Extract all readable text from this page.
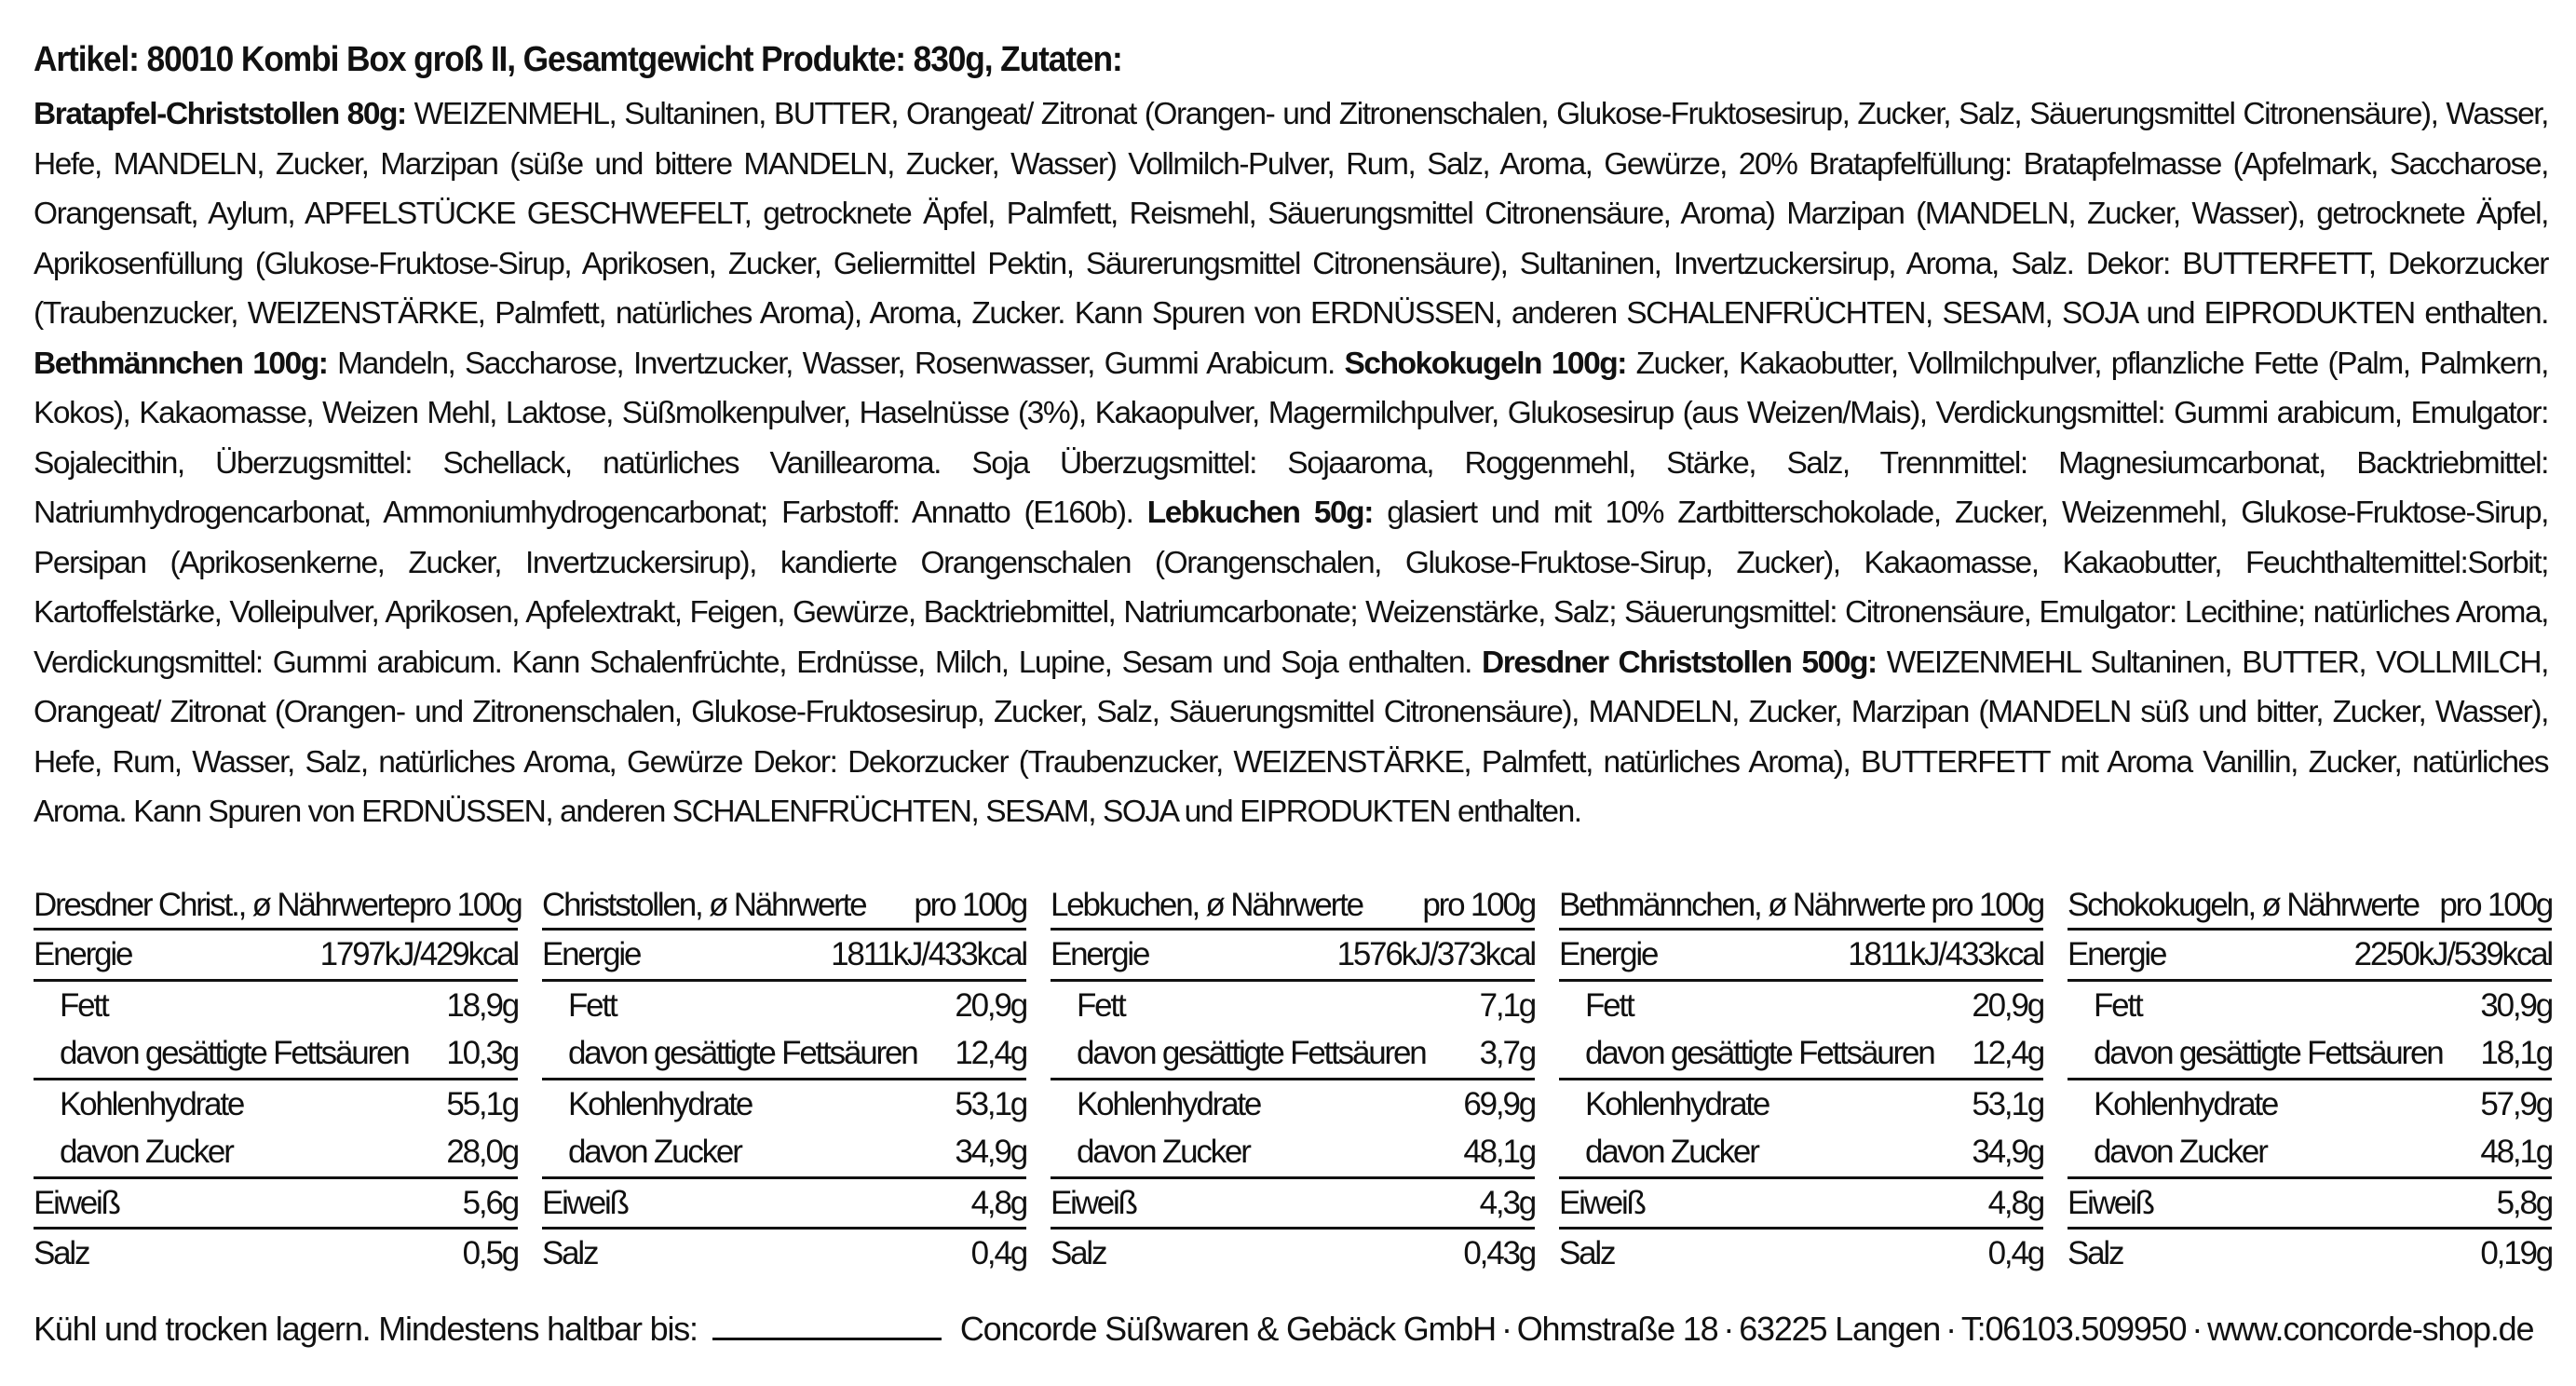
Artikel: 80010 Kombi Box groß II, Gesamtgewicht Produkte: 830g, Zutaten:
Bratapfel-Christstollen 80g: WEIZENMEHL, Sultaninen, BUTTER, Orangeat/ Zitronat (Orangen- und Zitronenschalen, Glukose-Fruktosesirup, Zucker, Salz, Säuerungsmittel Citronensäure), Wasser, Hefe, MANDELN, Zucker, Marzipan (süße und bittere MANDELN, Zucker, Wasser) Vollmilch-Pulver, Rum, Salz, Aroma, Gewürze, 20% Bratapfelfüllung: Bratapfelmasse (Apfelmark, Saccharose, Orangensaft, Aylum, APFELSTÜCKE GESCHWEFELT, getrocknete Äpfel, Palmfett, Reismehl, Säuerungsmittel Citronensäure, Aroma) Marzipan (MANDELN, Zucker, Wasser), getrocknete Äpfel, Aprikosenfüllung (Glukose-Fruktose-Sirup, Aprikosen, Zucker, Geliermittel Pektin, Säurerungsmittel Citronensäure), Sultaninen, Invertzuckersirup, Aroma, Salz. Dekor: BUTTERFETT, Dekorzucker (Traubenzucker, WEIZENSTÄRKE, Palmfett, natürliches Aroma), Aroma, Zucker. Kann Spuren von ERDNÜSSEN, anderen SCHALENFRÜCHTEN, SESAM, SOJA und EIPRODUKTEN enthalten. Bethmännchen 100g: Mandeln, Saccharose, Invertzucker, Wasser, Rosenwasser, Gummi Arabicum. Schokokugeln 100g: Zucker, Kakaobutter, Vollmilchpulver, pflanzliche Fette (Palm, Palmkern, Kokos), Kakaomasse, Weizen Mehl, Laktose, Süßmolkenpulver, Haselnüsse (3%), Kakaopulver, Magermilchpulver, Glukosesirup (aus Weizen/Mais), Verdickungsmittel: Gummi arabicum, Emulgator: Sojalecithin, Überzugsmittel: Schellack, natürliches Vanillearoma. Soja Überzugsmittel: Sojaaroma, Roggenmehl, Stärke, Salz, Trennmittel: Magnesiumcarbonat, Backtriebmittel: Natriumhydrogencarbonat, Ammoniumhydrogencarbonat; Farbstoff: Annatto (E160b). Lebkuchen 50g: glasiert und mit 10% Zartbitterschokolade, Zucker, Weizenmehl, Glukose-Fruktose-Sirup, Persipan (Aprikosenkerne, Zucker, Invertzuckersirup), kandierte Orangenschalen (Orangenschalen, Glukose-Fruktose-Sirup, Zucker), Kakaomasse, Kakaobutter, Feuchthaltemittel:Sorbit; Kartoffelstärke, Volleipulver, Aprikosen, Apfelextrakt, Feigen, Gewürze, Backtriebmittel, Natriumcarbonate; Weizenstärke, Salz; Säuerungsmittel: Citronensäure, Emulgator: Lecithine; natürliches Aroma, Verdickungsmittel: Gummi arabicum. Kann Schalenfrüchte, Erdnüsse, Milch, Lupine, Sesam und Soja enthalten. Dresdner Christstollen 500g: WEIZENMEHL Sultaninen, BUTTER, VOLLMILCH, Orangeat/ Zitronat (Orangen- und Zitronenschalen, Glukose-Fruktosesirup, Zucker, Salz, Säuerungsmittel Citronensäure), MANDELN, Zucker, Marzipan (MANDELN süß und bitter, Zucker, Wasser), Hefe, Rum, Wasser, Salz, natürliches Aroma, Gewürze Dekor: Dekorzucker (Traubenzucker, WEIZENSTÄRKE, Palmfett, natürliches Aroma), BUTTERFETT mit Aroma Vanillin, Zucker, natürliches Aroma. Kann Spuren von ERDNÜSSEN, anderen SCHALENFRÜCHTEN, SESAM, SOJA und EIPRODUKTEN enthalten.
Dresdner Christ., ø Nährwerte pro 100g
Energie	1797kJ/429kcal
Fett	18,9g
davon gesättigte Fettsäuren 10,3g
Kohlenhydrate	55,1g
davon Zucker	28,0g
Eiweiß	5,6g
Salz	0,5g
Christstollen, ø Nährwerte pro 100g
Energie	1811kJ/433kcal
Fett	20,9g
davon gesättigte Fettsäuren 12,4g
Kohlenhydrate	53,1g
davon Zucker	34,9g
Eiweiß	4,8g
Salz	0,4g
Lebkuchen, ø Nährwerte pro 100g
Energie	1576kJ/373kcal
Fett	7,1g
davon gesättigte Fettsäuren 3,7g
Kohlenhydrate	69,9g
davon Zucker	48,1g
Eiweiß	4,3g
Salz	0,43g
Bethmännchen, ø Nährwerte pro 100g
Energie	1811kJ/433kcal
Fett	20,9g
davon gesättigte Fettsäuren 12,4g
Kohlenhydrate	53,1g
davon Zucker	34,9g
Eiweiß	4,8g
Salz	0,4g
Schokokugeln, ø Nährwerte pro 100g
Energie	2250kJ/539kcal
Fett	30,9g
davon gesättigte Fettsäuren 18,1g
Kohlenhydrate	57,9g
davon Zucker	48,1g
Eiweiß	5,8g
Salz	0,19g
Kühl und trocken lagern. Mindestens haltbar bis:	Concorde Süßwaren & Gebäck GmbH · Ohmstraße 18 · 63225 Langen · T:06103.509950 · www.concorde-shop.de
